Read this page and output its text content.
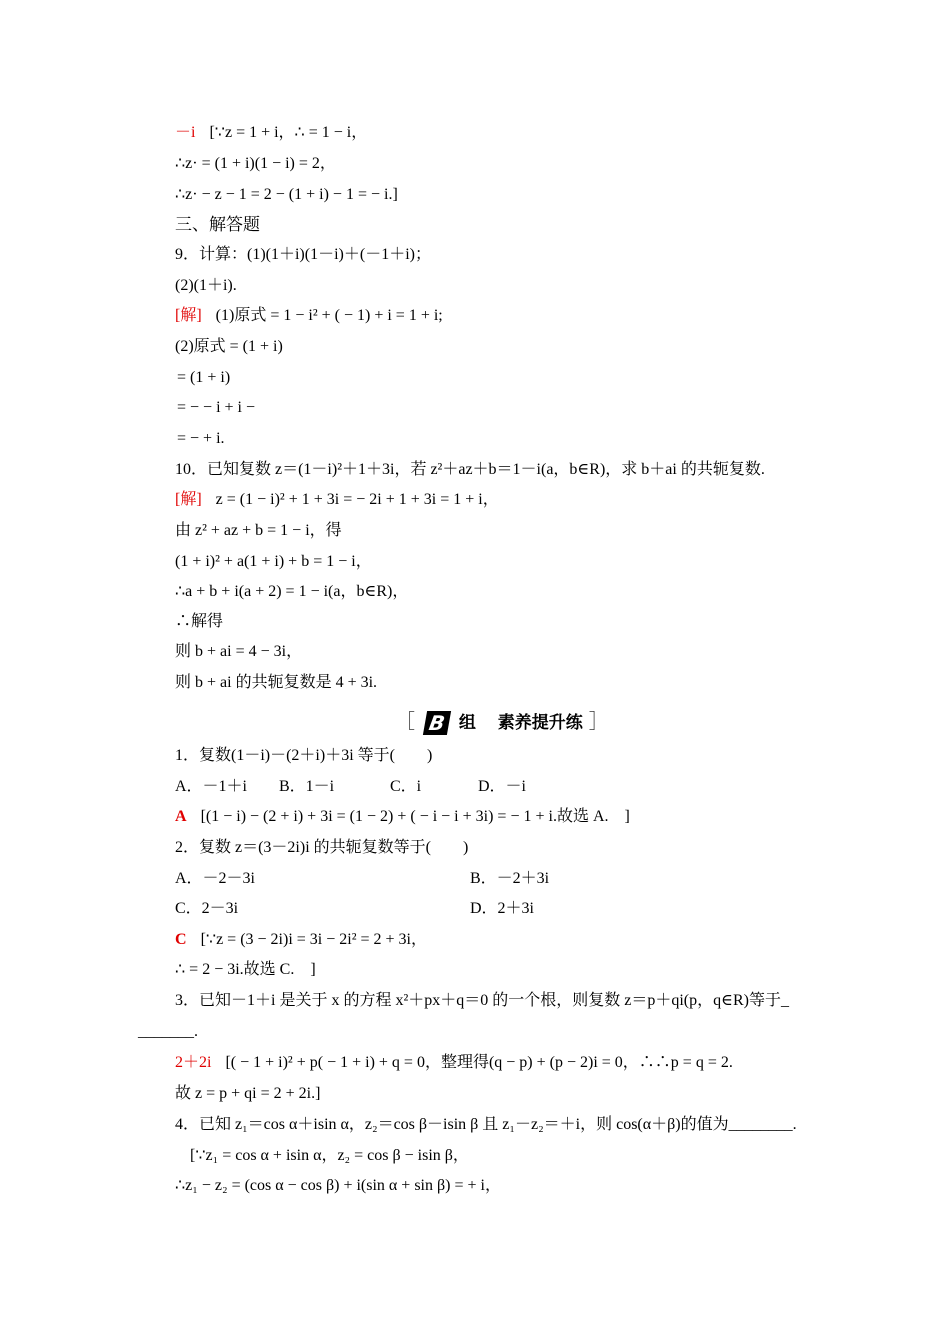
－i [∵z = 1 + i，∴ = 1 − i，
∴z· = (1 + i)(1 − i) = 2，
∴z· − z − 1 = 2 − (1 + i) − 1 = − i.]
三、解答题
9．计算：(1)(1＋i)(1－i)＋(－1＋i)；
(2)(1＋i).
[解] (1)原式 = 1 − i² + ( − 1) + i = 1 + i;
(2)原式 = (1 + i)
= (1 + i)
= − − i + i −
= − + i.
10．已知复数 z＝(1－i)²＋1＋3i，若 z²＋az＋b＝1－i(a，b∈R)，求 b＋ai 的共轭复数.
[解] z = (1 − i)² + 1 + 3i = − 2i + 1 + 3i = 1 + i，
由 z² + az + b = 1 − i，得
(1 + i)² + a(1 + i) + b = 1 − i，
∴a + b + i(a + 2) = 1 − i(a，b∈R)，
∴解得
则 b + ai = 4 − 3i，
则 b + ai 的共轭复数是 4 + 3i.
［ B 组 素养提升练 ］
1．复数(1－i)－(2＋i)＋3i 等于(　　)
A．－1＋i B．1－i	C．i	D．－i
A [(1 − i) − (2 + i) + 3i = (1 − 2) + ( − i − i + 3i) = − 1 + i.故选 A.　]
2．复数 z＝(3－2i)i 的共轭复数等于(　　)
A．－2－3i	B．－2＋3i
C．2－3i	D．2＋3i
C [∵z = (3 − 2i)i = 3i − 2i² = 2 + 3i，
∴ = 2 − 3i.故选 C.　]
3．已知－1＋i 是关于 x 的方程 x²＋px＋q＝0 的一个根，则复数 z＝p＋qi(p，q∈R)等于_
_______.
2＋2i [( − 1 + i)² + p( − 1 + i) + q = 0，整理得(q − p) + (p − 2)i = 0，∴∴p = q = 2.
故 z = p + qi = 2 + 2i.]
4．已知 z₁＝cos α＋isin α，z₂＝cos β－isin β 且 z₁－z₂＝＋i，则 cos(α＋β)的值为________.
[∵z₁ = cos α + isin α，z₂ = cos β − isin β，
∴z₁ − z₂ = (cos α − cos β) + i(sin α + sin β) = + i，
